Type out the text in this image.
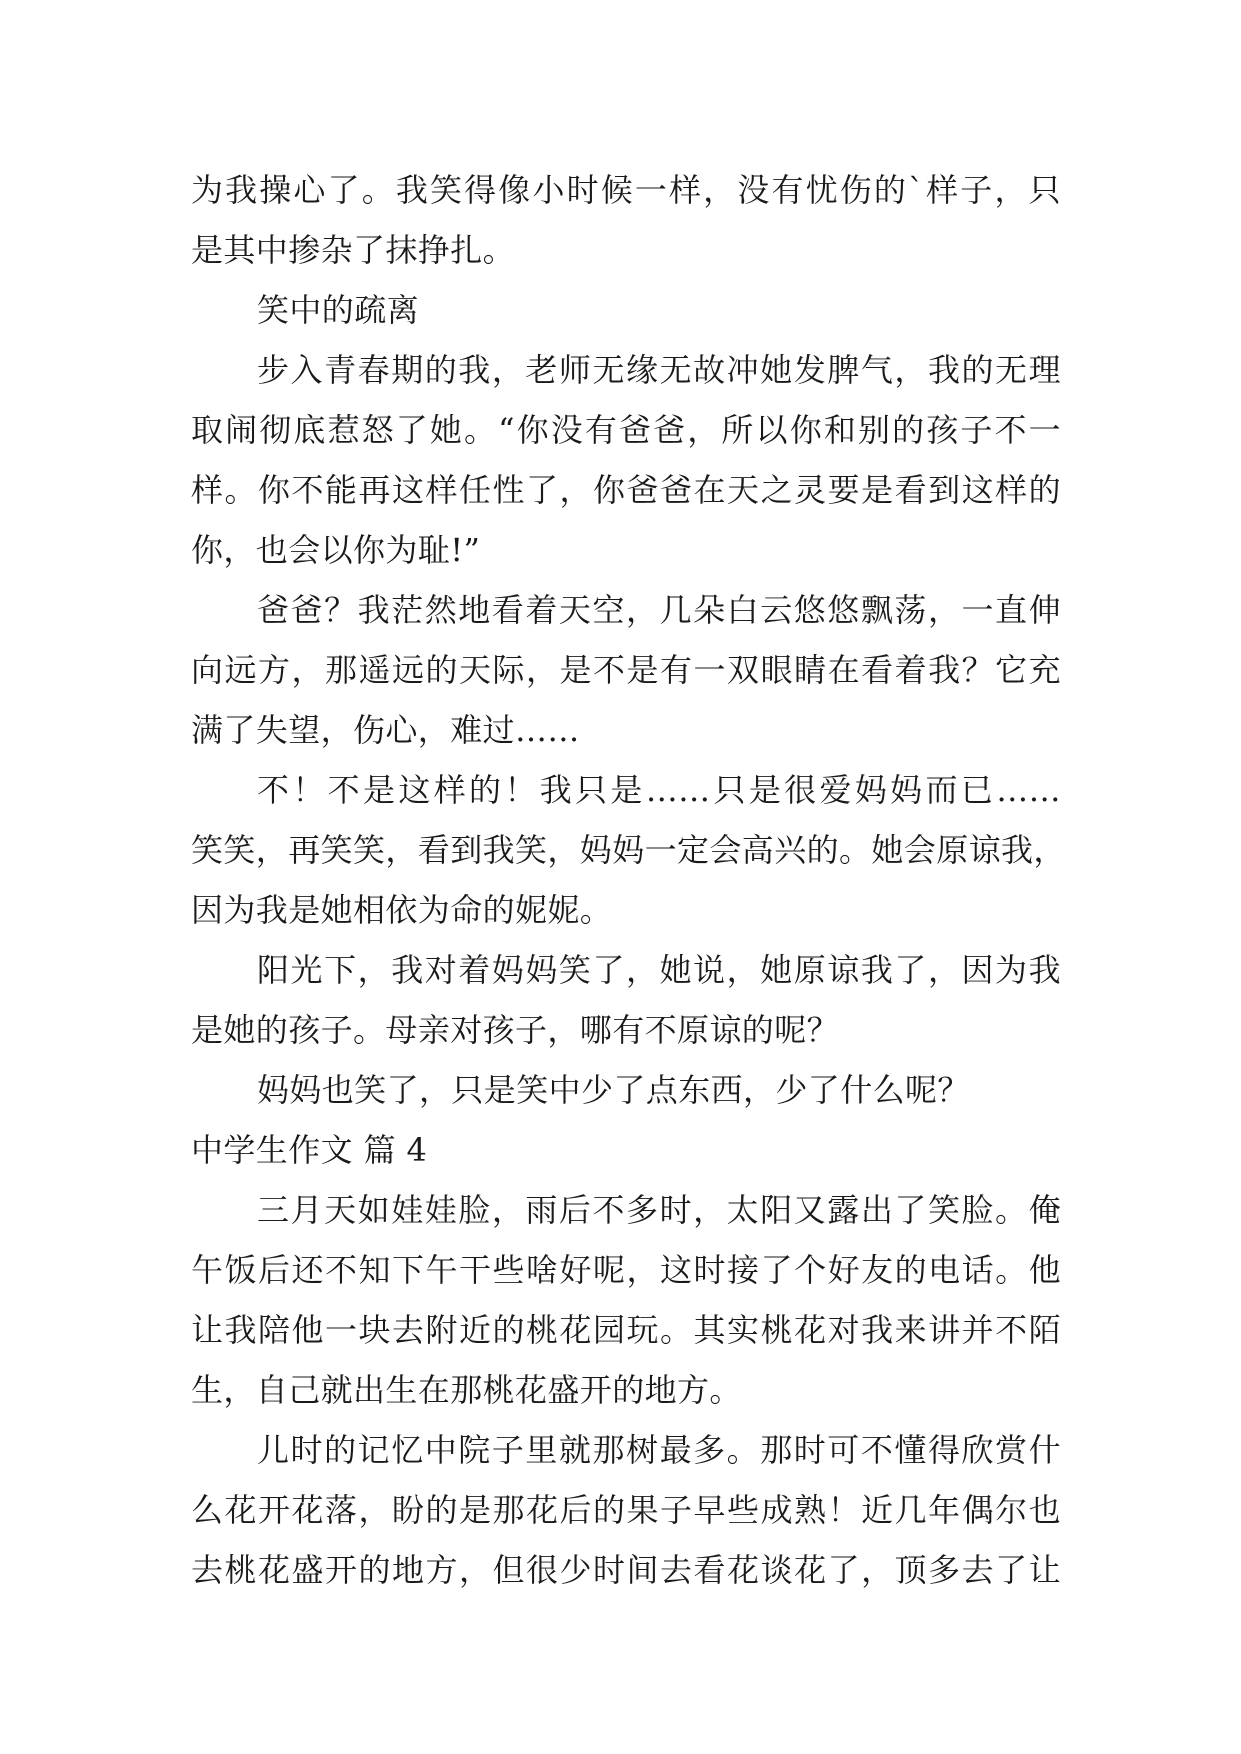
为我操心了。我笑得像小时候一样，没有忧伤的`样子，只
是其中掺杂了抹挣扎。
笑中的疏离
步入青春期的我，老师无缘无故冲她发脾气，我的无理
取闹彻底惹怒了她。“你没有爸爸，所以你和别的孩子不一
样。你不能再这样任性了，你爸爸在天之灵要是看到这样的
你，也会以你为耻!”
爸爸？我茫然地看着天空，几朵白云悠悠飘荡，一直伸
向远方，那遥远的天际，是不是有一双眼睛在看着我？它充
满了失望，伤心，难过……
不！不是这样的！我只是……只是很爱妈妈而已……
笑笑，再笑笑，看到我笑，妈妈一定会高兴的。她会原谅我，
因为我是她相依为命的妮妮。
阳光下，我对着妈妈笑了，她说，她原谅我了，因为我
是她的孩子。母亲对孩子，哪有不原谅的呢？
妈妈也笑了，只是笑中少了点东西，少了什么呢？
中学生作文 篇 4
三月天如娃娃脸，雨后不多时，太阳又露出了笑脸。俺
午饭后还不知下午干些啥好呢，这时接了个好友的电话。他
让我陪他一块去附近的桃花园玩。其实桃花对我来讲并不陌
生，自己就出生在那桃花盛开的地方。
儿时的记忆中院子里就那树最多。那时可不懂得欣赏什
么花开花落，盼的是那花后的果子早些成熟！近几年偶尔也
去桃花盛开的地方，但很少时间去看花谈花了，顶多去了让
